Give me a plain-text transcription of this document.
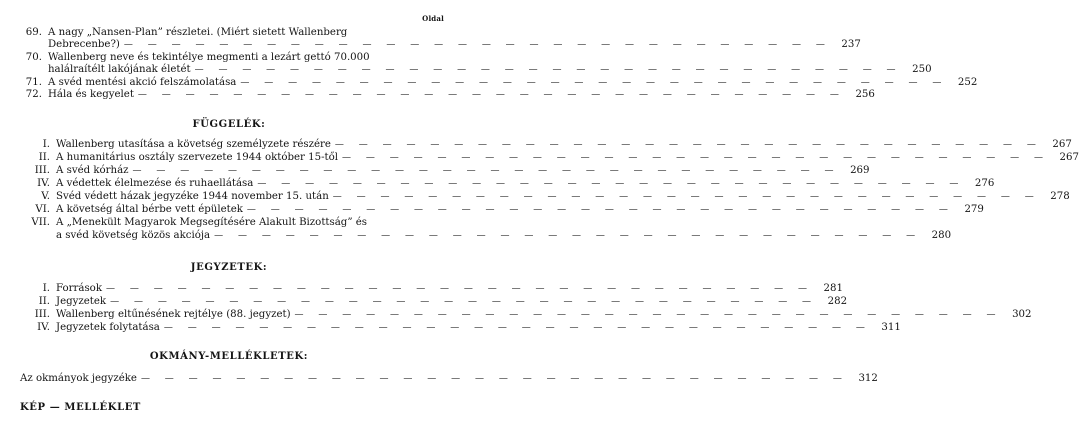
Oldal
69. A nagy „Nansen-Plan” részletei. (Miért sietett Wallenberg
Debrecenbe?) — — — — — — — — — — — — — — — — — — — — — — — — — — — — — —	237
70. Wallenberg neve és tekintélye megmenti a lezárt gettó 70.000
halálraítélt lakójának életét — — — — — — — — — — — — — — — — — — — — — — — — — — — — — —	250
71. A svéd mentési akció felszámolatása — — — — — — — — — — — — — — — — — — — — — — — — — — — — — —	252
72. Hála és kegyelet — — — — — — — — — — — — — — — — — — — — — — — — — — — — — —	256
FÜGGELÉK:
I. Wallenberg utasítása a követség személyzete részére — — — — — — — — — — — — — — — — — — — — — — — — — — — — — —	267
II. A humanitárius osztály szervezete 1944 október 15-től — — — — — — — — — — — — — — — — — — — — — — — — — — — — — —	267
III. A svéd kórház — — — — — — — — — — — — — — — — — — — — — — — — — — — — — —	269
IV. A védettek élelmezése és ruhaellátása — — — — — — — — — — — — — — — — — — — — — — — — — — — — — —	276
V. Svéd védett házak jegyzéke 1944 november 15. után — — — — — — — — — — — — — — — — — — — — — — — — — — — — — —	278
VI. A követség által bérbe vett épületek — — — — — — — — — — — — — — — — — — — — — — — — — — — — — —	279
VII. A „Menekült Magyarok Megsegítésére Alakult Bizottság” és
a svéd követség közös akciója — — — — — — — — — — — — — — — — — — — — — — — — — — — — — —	280
JEGYZETEK:
I. Források — — — — — — — — — — — — — — — — — — — — — — — — — — — — — —	281
II. Jegyzetek — — — — — — — — — — — — — — — — — — — — — — — — — — — — — —	282
III. Wallenberg eltűnésének rejtélye (88. jegyzet) — — — — — — — — — — — — — — — — — — — — — — — — — — — — — —	302
IV. Jegyzetek folytatása — — — — — — — — — — — — — — — — — — — — — — — — — — — — — —	311
OKMÁNY-MELLÉKLETEK:
Az okmányok jegyzéke — — — — — — — — — — — — — — — — — — — — — — — — — — — — — —	312
KÉP — MELLÉKLET
